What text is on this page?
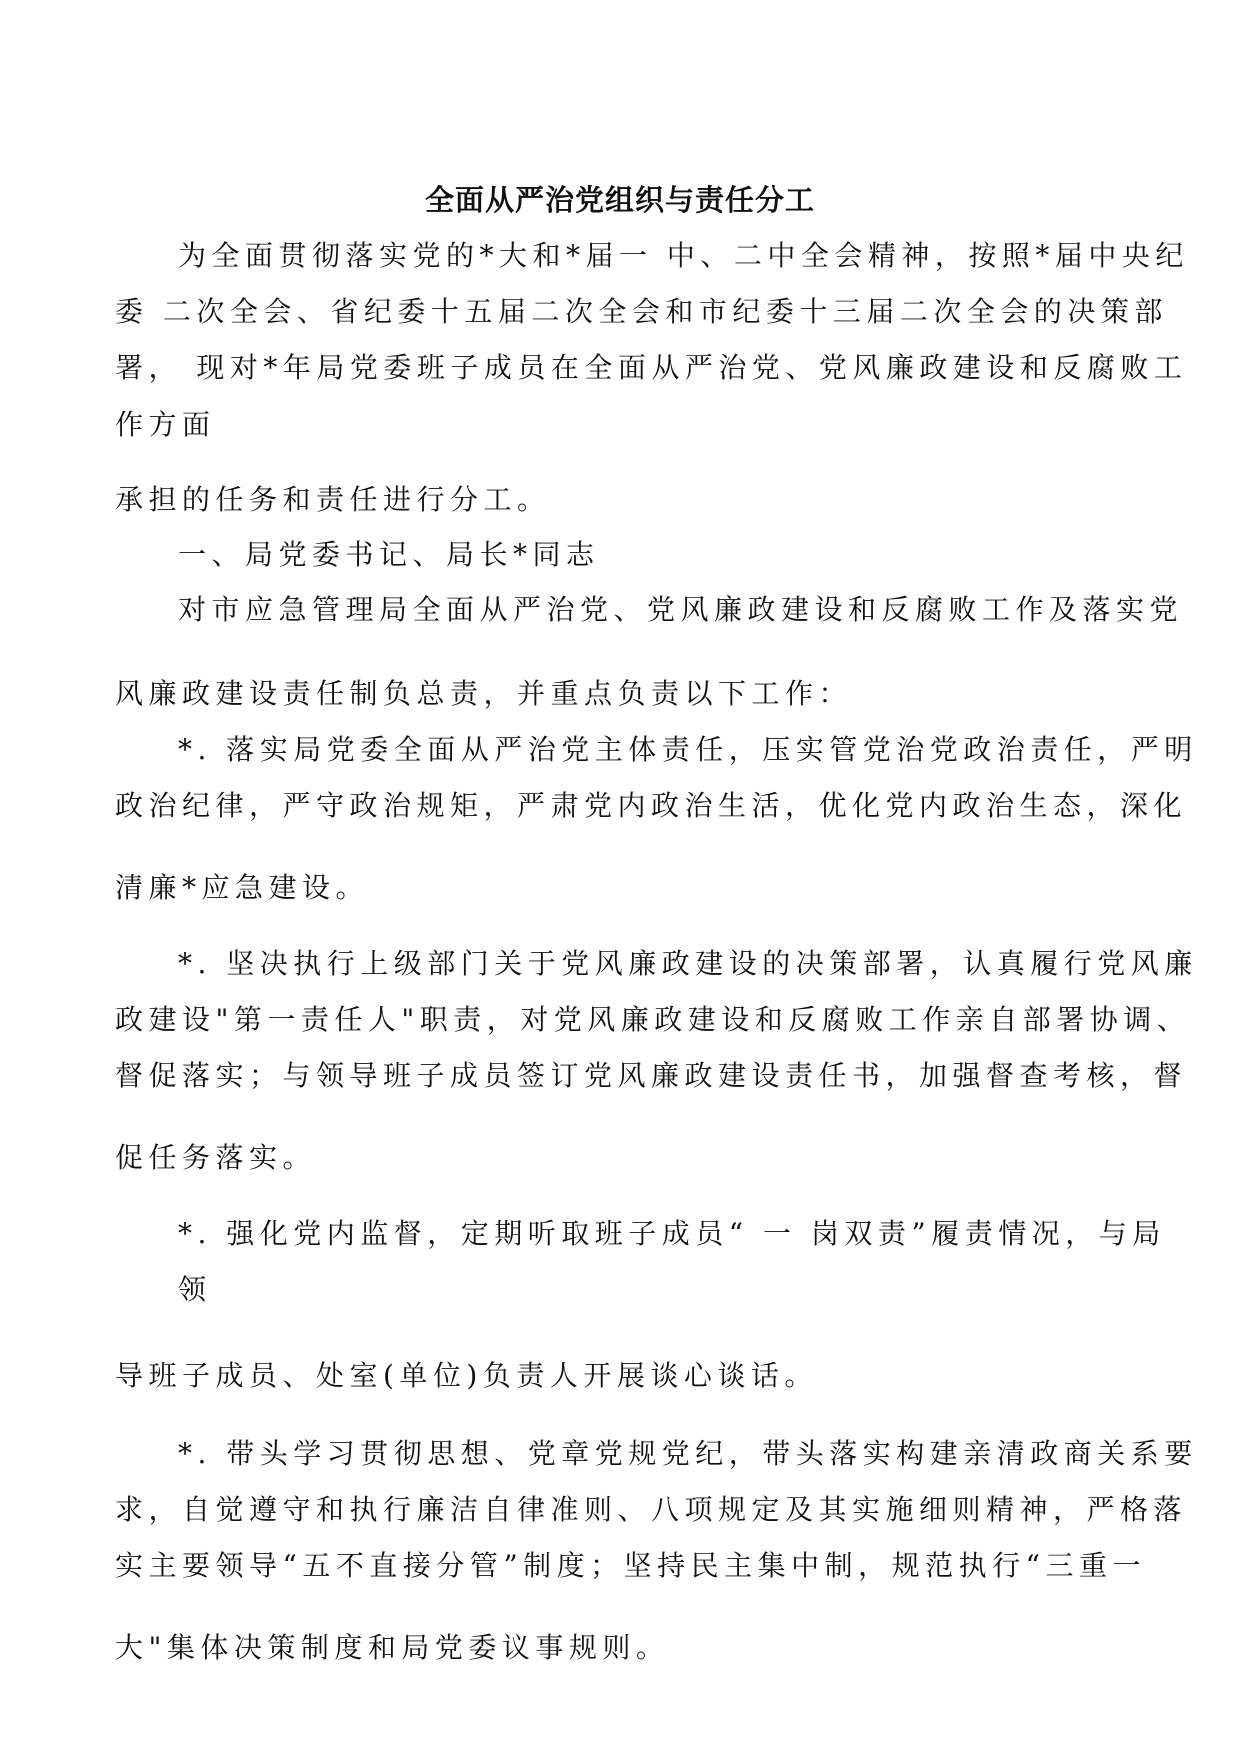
全面从严治党组织与责任分工
为全面贯彻落实党的*大和*届一 中、二中全会精神，按照*届中央纪
委 二次全会、省纪委十五届二次全会和市纪委十三届二次全会的决策部
署， 现对*年局党委班子成员在全面从严治党、党风廉政建设和反腐败工
作方面
承担的任务和责任进行分工。
一、局党委书记、局长*同志
对市应急管理局全面从严治党、党风廉政建设和反腐败工作及落实党
风廉政建设责任制负总责，并重点负责以下工作：
*. 落实局党委全面从严治党主体责任，压实管党治党政治责任，严明
政治纪律，严守政治规矩，严肃党内政治生活，优化党内政治生态，深化
清廉*应急建设。
*. 坚决执行上级部门关于党风廉政建设的决策部署，认真履行党风廉
政建设"第一责任人"职责，对党风廉政建设和反腐败工作亲自部署协调、
督促落实；与领导班子成员签订党风廉政建设责任书，加强督查考核，督
促任务落实。
*. 强化党内监督，定期听取班子成员“ 一 岗双责”履责情况，与局
领
导班子成员、处室(单位)负责人开展谈心谈话。
*. 带头学习贯彻思想、党章党规党纪，带头落实构建亲清政商关系要
求，自觉遵守和执行廉洁自律准则、八项规定及其实施细则精神，严格落
实主要领导“五不直接分管”制度；坚持民主集中制，规范执行“三重一
大"集体决策制度和局党委议事规则。
